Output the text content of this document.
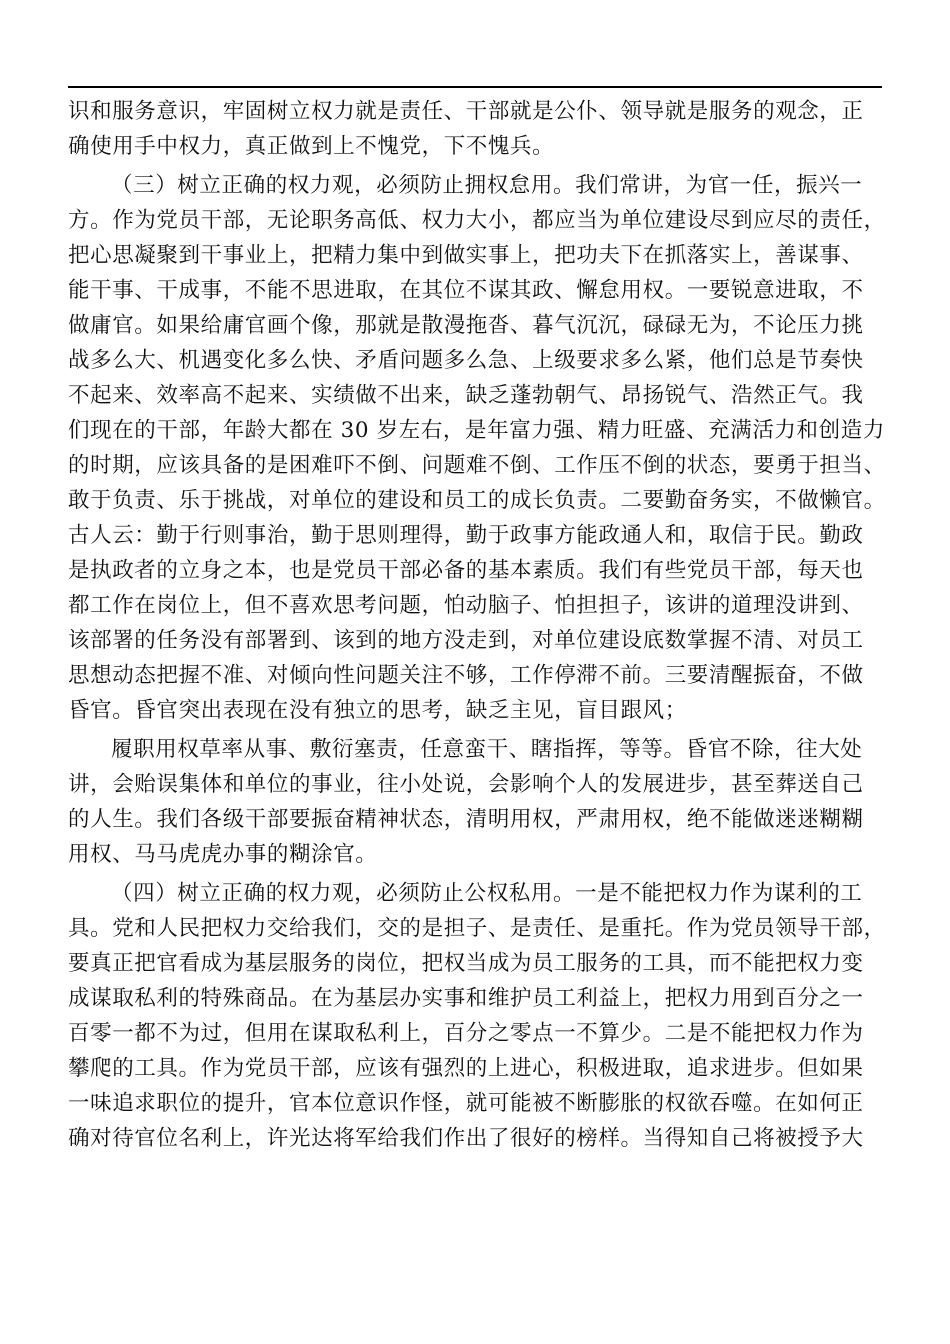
识和服务意识，牢固树立权力就是责任、干部就是公仆、领导就是服务的观念，正
确使用手中权力，真正做到上不愧党，下不愧兵。
（三）树立正确的权力观，必须防止拥权怠用。我们常讲，为官一任，振兴一
方。作为党员干部，无论职务高低、权力大小，都应当为单位建设尽到应尽的责任，
把心思凝聚到干事业上，把精力集中到做实事上，把功夫下在抓落实上，善谋事、
能干事、干成事，不能不思进取，在其位不谋其政、懈怠用权。一要锐意进取，不
做庸官。如果给庸官画个像，那就是散漫拖沓、暮气沉沉，碌碌无为，不论压力挑
战多么大、机遇变化多么快、矛盾问题多么急、上级要求多么紧，他们总是节奏快
不起来、效率高不起来、实绩做不出来，缺乏蓬勃朝气、昂扬锐气、浩然正气。我
们现在的干部，年龄大都在 30 岁左右，是年富力强、精力旺盛、充满活力和创造力
的时期，应该具备的是困难吓不倒、问题难不倒、工作压不倒的状态，要勇于担当、
敢于负责、乐于挑战，对单位的建设和员工的成长负责。二要勤奋务实，不做懒官。
古人云：勤于行则事治，勤于思则理得，勤于政事方能政通人和，取信于民。勤政
是执政者的立身之本，也是党员干部必备的基本素质。我们有些党员干部，每天也
都工作在岗位上，但不喜欢思考问题，怕动脑子、怕担担子，该讲的道理没讲到、
该部署的任务没有部署到、该到的地方没走到，对单位建设底数掌握不清、对员工
思想动态把握不准、对倾向性问题关注不够，工作停滞不前。三要清醒振奋，不做
昏官。昏官突出表现在没有独立的思考，缺乏主见，盲目跟风；
履职用权草率从事、敷衍塞责，任意蛮干、瞎指挥，等等。昏官不除，往大处
讲，会贻误集体和单位的事业，往小处说，会影响个人的发展进步，甚至葬送自己
的人生。我们各级干部要振奋精神状态，清明用权，严肃用权，绝不能做迷迷糊糊
用权、马马虎虎办事的糊涂官。
（四）树立正确的权力观，必须防止公权私用。一是不能把权力作为谋利的工
具。党和人民把权力交给我们，交的是担子、是责任、是重托。作为党员领导干部，
要真正把官看成为基层服务的岗位，把权当成为员工服务的工具，而不能把权力变
成谋取私利的特殊商品。在为基层办实事和维护员工利益上，把权力用到百分之一
百零一都不为过，但用在谋取私利上，百分之零点一不算少。二是不能把权力作为
攀爬的工具。作为党员干部，应该有强烈的上进心，积极进取，追求进步。但如果
一味追求职位的提升，官本位意识作怪，就可能被不断膨胀的权欲吞噬。在如何正
确对待官位名利上，许光达将军给我们作出了很好的榜样。当得知自己将被授予大
